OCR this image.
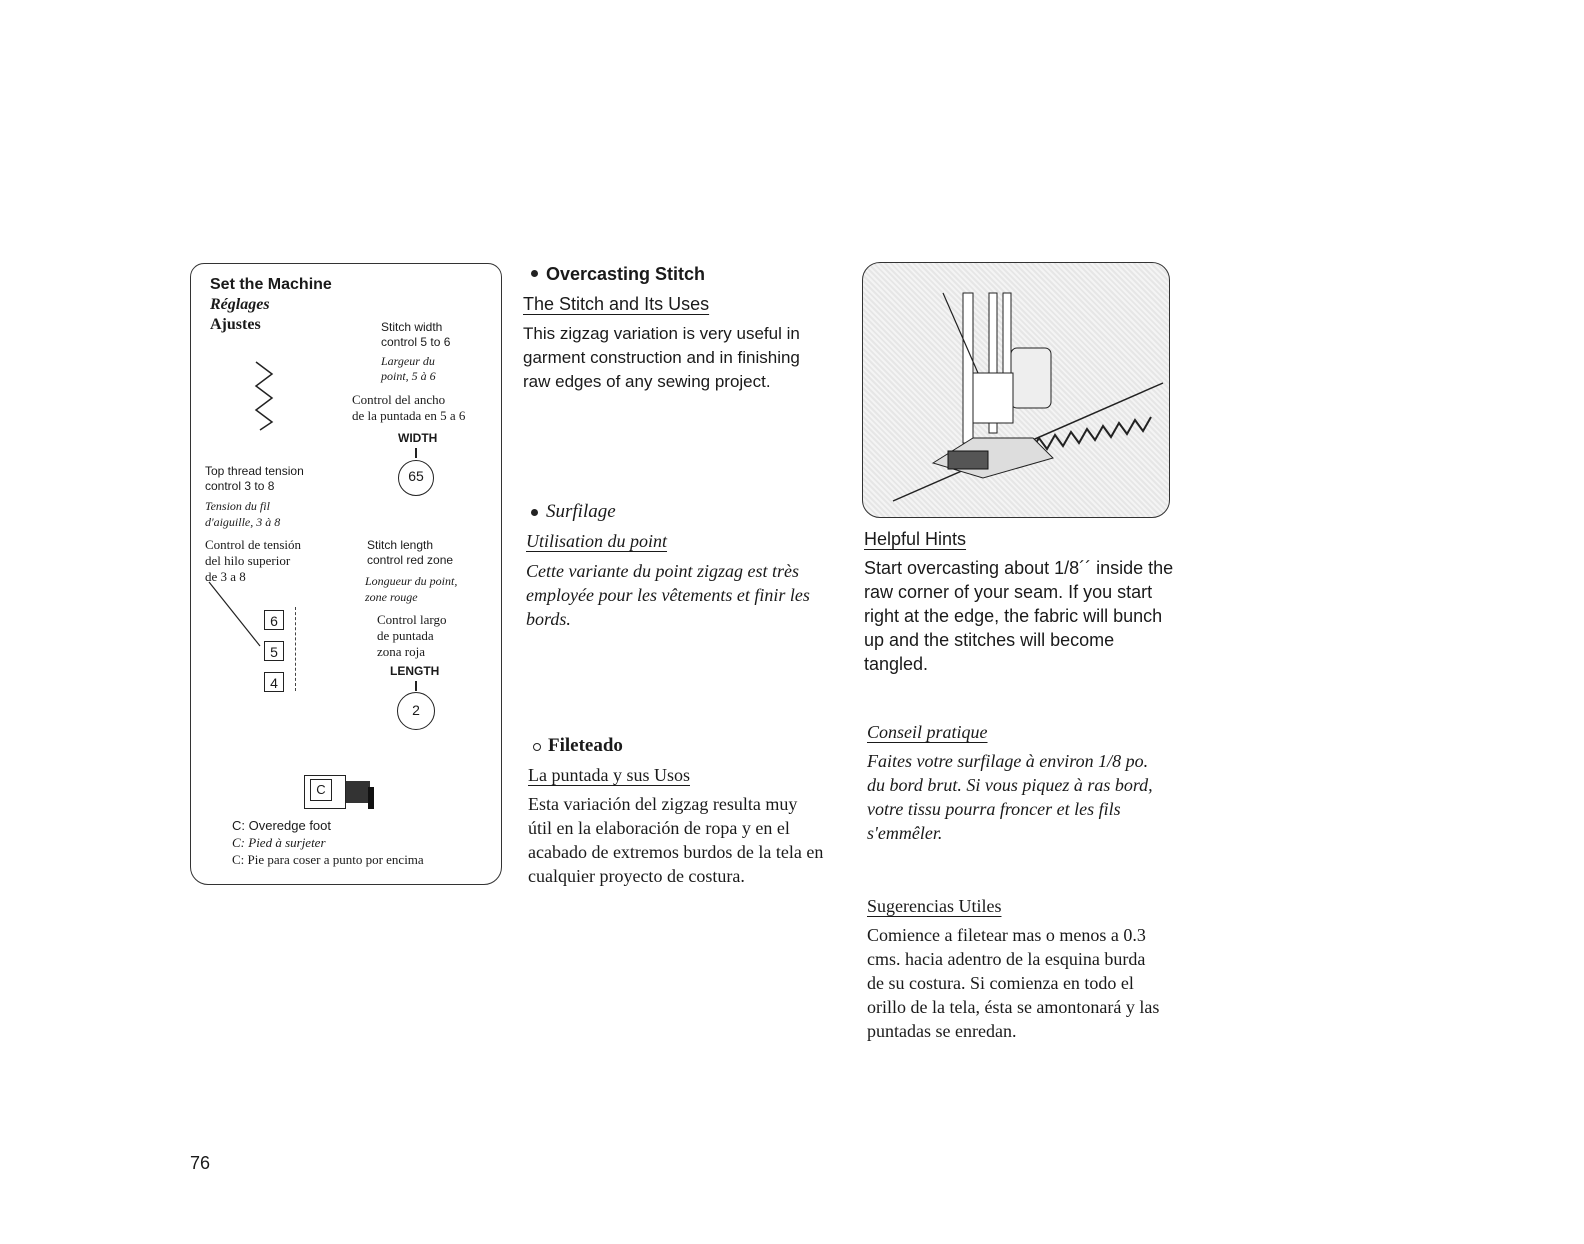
Set the Machine
Réglages
Ajustes	Stitch width
control 5 to 6
Largeur du
point, 5 à 6
Control del ancho
de la puntada en 5 a 6
WIDTH
65
Top thread tension
control 3 to 8
Tension du fil
d'aiguille, 3 à 8
Control de tensión
del hilo superior
de 3 a 8
6
5
4
Stitch length
control red zone
Longueur du point,
zone rouge
Control largo
de puntada
zona roja
LENGTH
2
C
C: Overedge foot
C: Pied à surjeter
C: Pie para coser a punto por encima
Overcasting Stitch
The Stitch and Its Uses
This zigzag variation is very useful in
garment construction and in finishing
raw edges of any sewing project.
Surfilage
Utilisation du point
Cette variante du point zigzag est très
employée pour les vêtements et finir les
bords.
Fileteado
La puntada y sus Usos
Esta variación del zigzag resulta muy
útil en la elaboración de ropa y en el
acabado de extremos burdos de la tela en
cualquier proyecto de costura.
Helpful Hints
Start overcasting about 1/8´´ inside the
raw corner of your seam. If you start
right at the edge, the fabric will bunch
up and the stitches will become
tangled.
Conseil pratique
Faites votre surfilage à environ 1/8 po.
du bord brut. Si vous piquez à ras bord,
votre tissu pourra froncer et les fils
s'emmêler.
Sugerencias Utiles
Comience a filetear mas o menos a 0.3
cms. hacia adentro de la esquina burda
de su costura. Si comienza en todo el
orillo de la tela, ésta se amontonará y las
puntadas se enredan.
76
